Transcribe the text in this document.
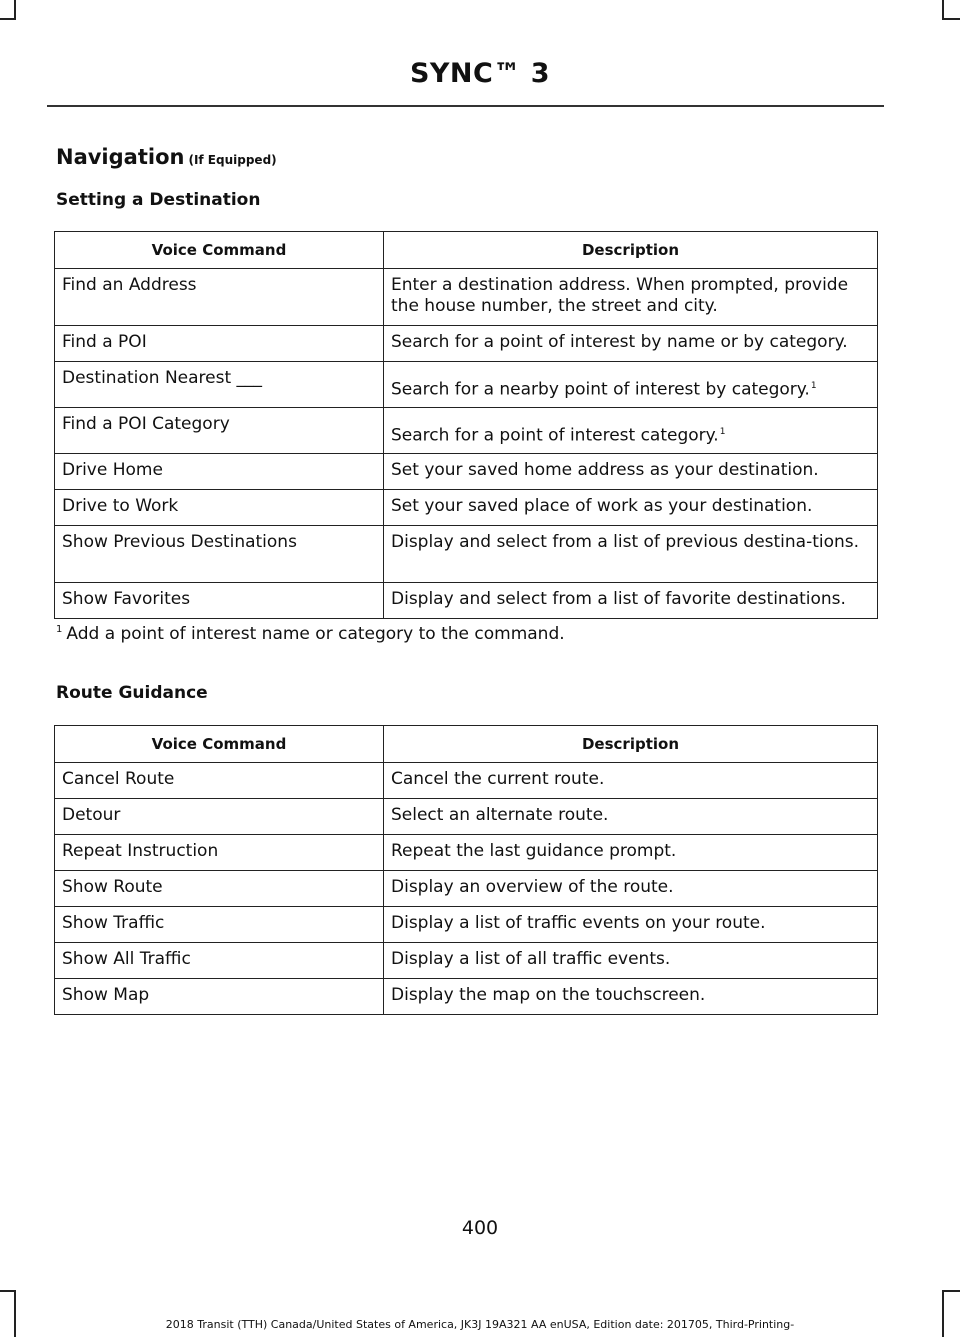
SYNC™ 3
Navigation (If Equipped)
Setting a Destination
Voice Command	Description
Find an Address	Enter a destination address. When prompted, provide the house number, the street and city.
Find a POI	Search for a point of interest by name or by category.
Destination Nearest ___	Search for a nearby point of interest by category.$^1$
Find a POI Category	Search for a point of interest category.$^1$
Drive Home	Set your saved home address as your destination.
Drive to Work	Set your saved place of work as your destination.
Show Previous Destinations	Display and select from a list of previous destina-tions.
Show Favorites	Display and select from a list of favorite destinations.
$^1$ Add a point of interest name or category to the command.
Route Guidance
Voice Command	Description
Cancel Route	Cancel the current route.
Detour	Select an alternate route.
Repeat Instruction	Repeat the last guidance prompt.
Show Route	Display an overview of the route.
Show Traffic	Display a list of traffic events on your route.
Show All Traffic	Display a list of all traffic events.
Show Map	Display the map on the touchscreen.
400
2018 Transit (TTH) Canada/United States of America, JK3J 19A321 AA enUSA, Edition date: 201705, Third-Printing-
